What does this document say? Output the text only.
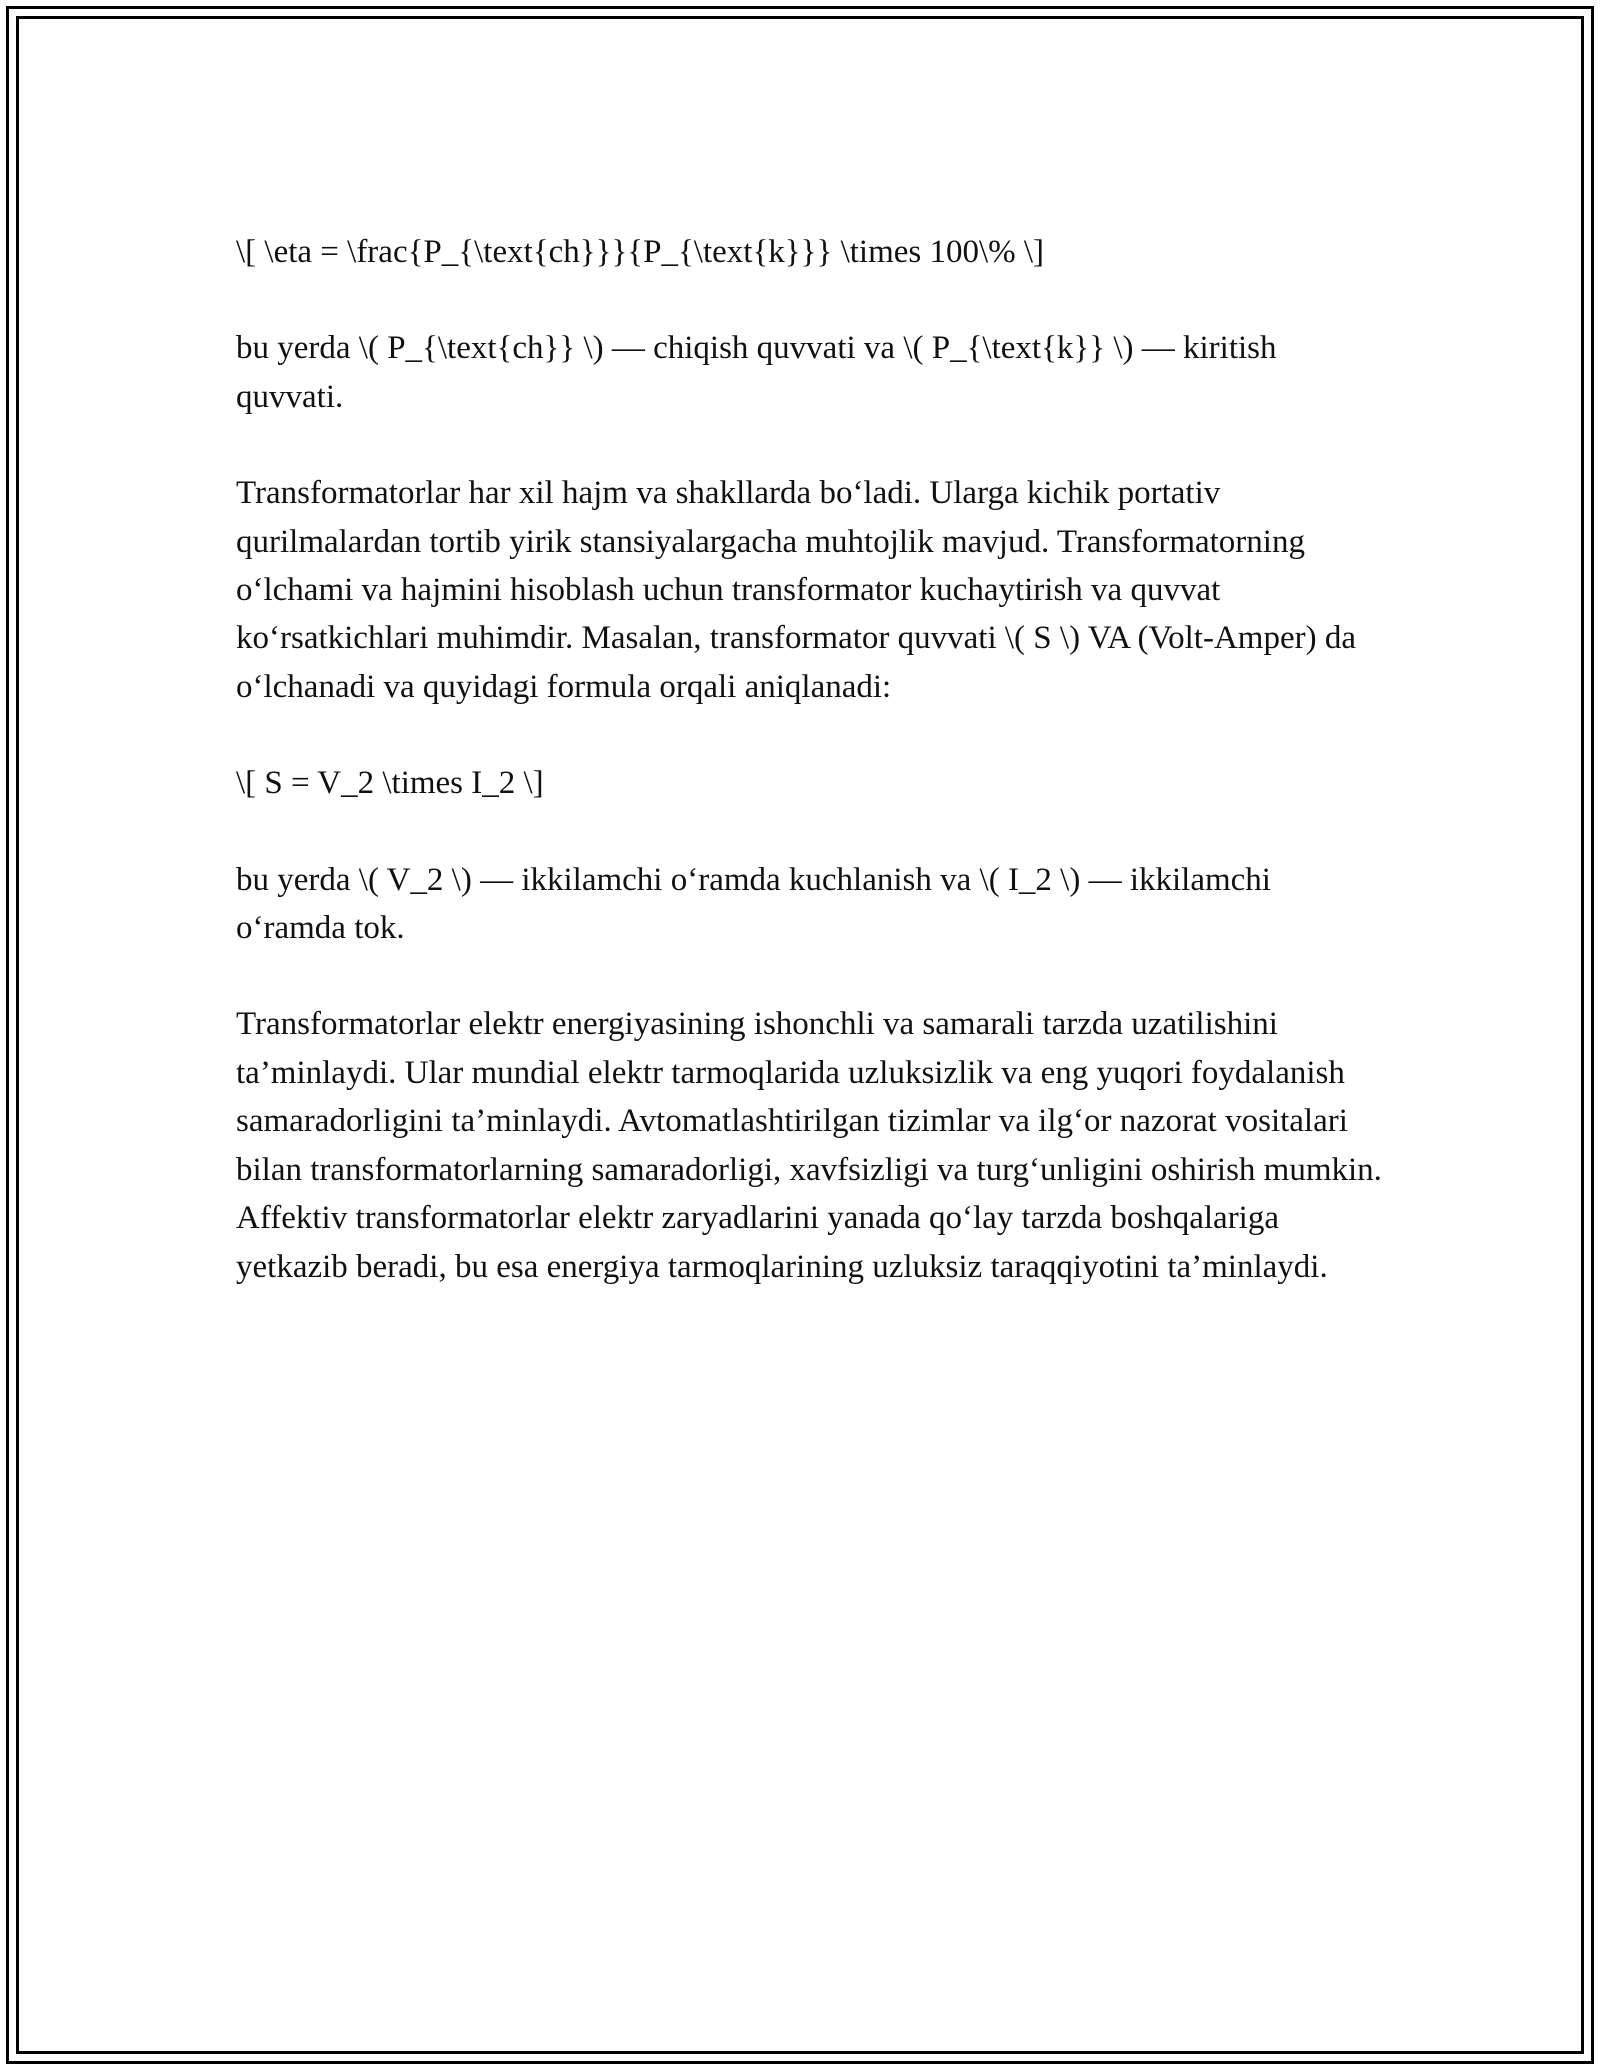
\[ \eta = \frac{P_{\text{ch}}}{P_{\text{k}}} \times 100\% \]

bu yerda \( P_{\text{ch}} \) — chiqish quvvati va \( P_{\text{k}} \) — kiritish quvvati.

Transformatorlar har xil hajm va shakllarda bo‘ladi. Ularga kichik portativ qurilmalardan tortib yirik stansiyalargacha muhtojlik mavjud. Transformatorning o‘lchami va hajmini hisoblash uchun transformator kuchaytirish va quvvat ko‘rsatkichlari muhimdir. Masalan, transformator quvvati \( S \) VA (Volt-Amper) da o‘lchanadi va quyidagi formula orqali aniqlanadi:

\[ S = V_2 \times I_2 \]

bu yerda \( V_2 \) — ikkilamchi o‘ramda kuchlanish va \( I_2 \) — ikkilamchi o‘ramda tok.

Transformatorlar elektr energiyasining ishonchli va samarali tarzda uzatilishini ta’minlaydi. Ular mundial elektr tarmoqlarida uzluksizlik va eng yuqori foydalanish samaradorligini ta’minlaydi. Avtomatlashtirilgan tizimlar va ilg‘or nazorat vositalari bilan transformatorlarning samaradorligi, xavfsizligi va turg‘unligini oshirish mumkin. Affektiv transformatorlar elektr zaryadlarini yanada qo‘lay tarzda boshqalariga yetkazib beradi, bu esa energiya tarmoqlarining uzluksiz taraqqiyotini ta’minlaydi.
